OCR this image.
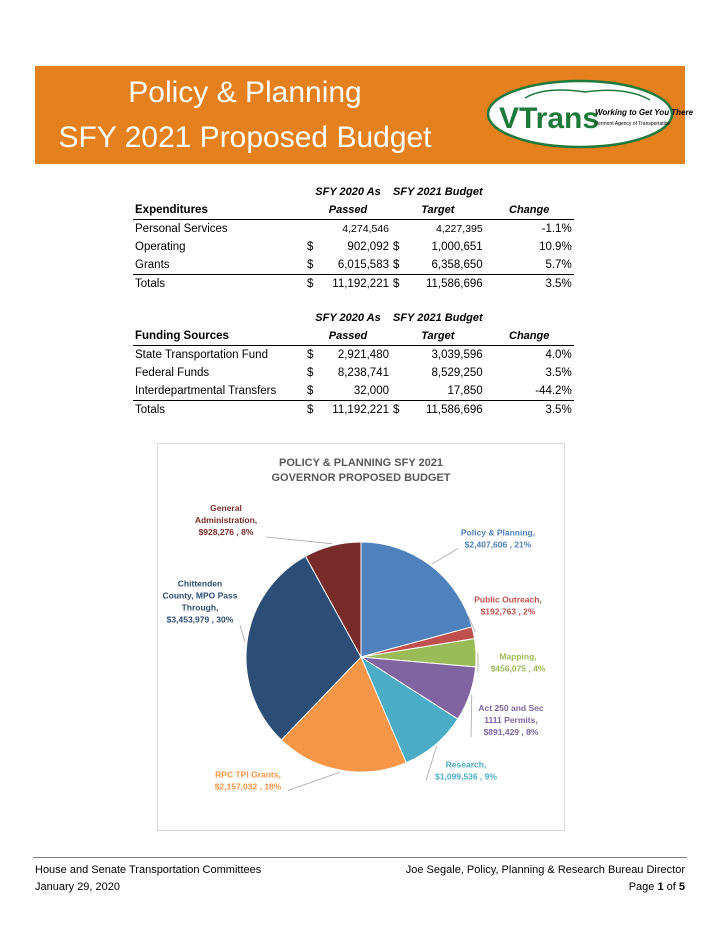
Policy & Planning
SFY 2021 Proposed Budget
VTrans
Working to Get You There
Vermont Agency of Transportation
	SFY 2020 As		SFY 2021 Budget		
Expenditures	Passed		Target		Change
Personal Services		4,274,546		4,227,395	-1.1%
Operating	$	902,092	$	1,000,651	10.9%
Grants	$	6,015,583	$	6,358,650	5.7%
Totals	$	11,192,221	$	11,586,696	3.5%
	SFY 2020 As		SFY 2021 Budget		
Funding Sources	Passed		Target		Change
State Transportation Fund	$	2,921,480		3,039,596	4.0%
Federal Funds	$	8,238,741		8,529,250	3.5%
Interdepartmental Transfers	$	32,000		17,850	-44.2%
Totals	$	11,192,221	$	11,586,696	3.5%
POLICY & PLANNING SFY 2021
GOVERNOR PROPOSED BUDGET
Policy & Planning, $2,407,606 , 21%
Public Outreach, $192,763 , 2%
Mapping, $456,075 , 4%
Act 250 and Sec 1111 Permits, $891,429 , 8%
Research, $1,099,536 , 9%
RPC TPI Grants, $2,157,032 , 18%
Chittenden County, MPO Pass Through, $3,453,979 , 30%
General Administration, $928,276 , 8%
House and Senate Transportation Committees
January 29, 2020
Joe Segale, Policy, Planning & Research Bureau Director
Page 1 of 5
